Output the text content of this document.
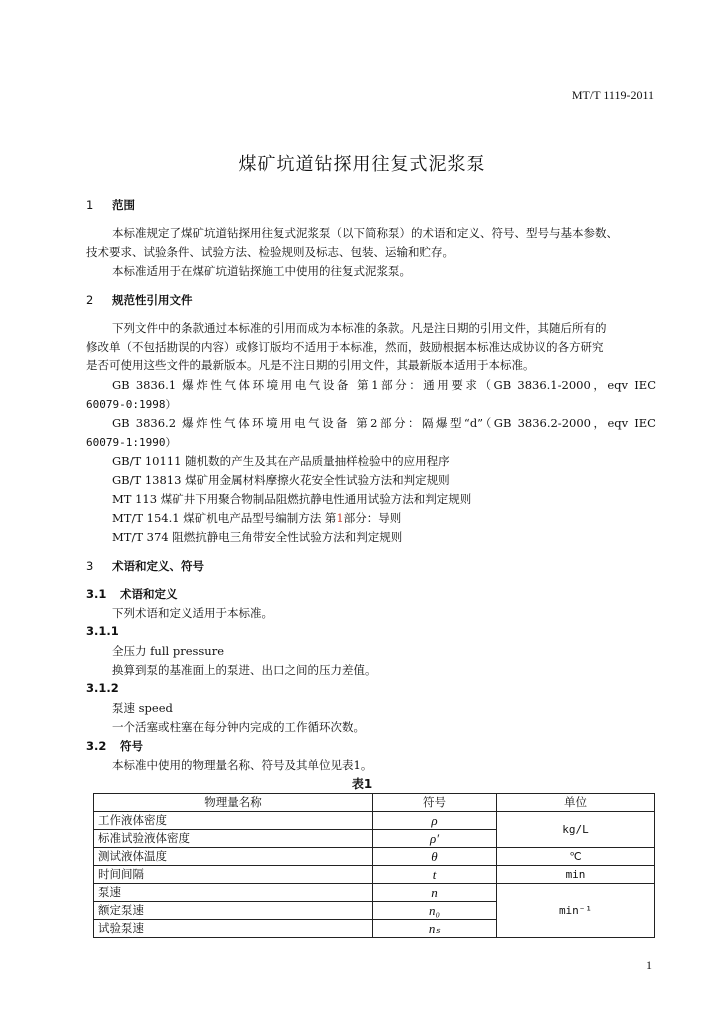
MT/T 1119-2011
煤矿坑道钻探用往复式泥浆泵
1 范围
本标准规定了煤矿坑道钻探用往复式泥浆泵（以下简称泵）的术语和定义、符号、型号与基本参数、
技术要求、试验条件、试验方法、检验规则及标志、包装、运输和贮存。
本标准适用于在煤矿坑道钻探施工中使用的往复式泥浆泵。
2 规范性引用文件
下列文件中的条款通过本标准的引用而成为本标准的条款。凡是注日期的引用文件，其随后所有的
修改单（不包括勘误的内容）或修订版均不适用于本标准，然而，鼓励根据本标准达成协议的各方研究
是否可使用这些文件的最新版本。凡是不注日期的引用文件，其最新版本适用于本标准。
GB 3836.1 爆炸性气体环境用电气设备 第1部分：通用要求（GB 3836.1-2000，eqv IEC
60079-0:1998）
GB 3836.2 爆炸性气体环境用电气设备 第2部分：隔爆型“d”（GB 3836.2-2000，eqv IEC
60079-1:1990）
GB/T 10111 随机数的产生及其在产品质量抽样检验中的应用程序
GB/T 13813 煤矿用金属材料摩擦火花安全性试验方法和判定规则
MT 113 煤矿井下用聚合物制品阻燃抗静电性通用试验方法和判定规则
MT/T 154.1 煤矿机电产品型号编制方法 第1部分：导则
MT/T 374 阻燃抗静电三角带安全性试验方法和判定规则
3 术语和定义、符号
3.1 术语和定义
下列术语和定义适用于本标准。
3.1.1
全压力 full pressure
换算到泵的基准面上的泵进、出口之间的压力差值。
3.1.2
泵速 speed
一个活塞或柱塞在每分钟内完成的工作循环次数。
3.2 符号
本标准中使用的物理量名称、符号及其单位见表1。
表1
物理量名称	符号	单位
工作液体密度	ρ	kg/L
标准试验液体密度	ρ′	
测试液体温度	θ	℃
时间间隔	t	min
泵速	n	min⁻¹
额定泵速	n₀	
试验泵速	nₛ	
1
